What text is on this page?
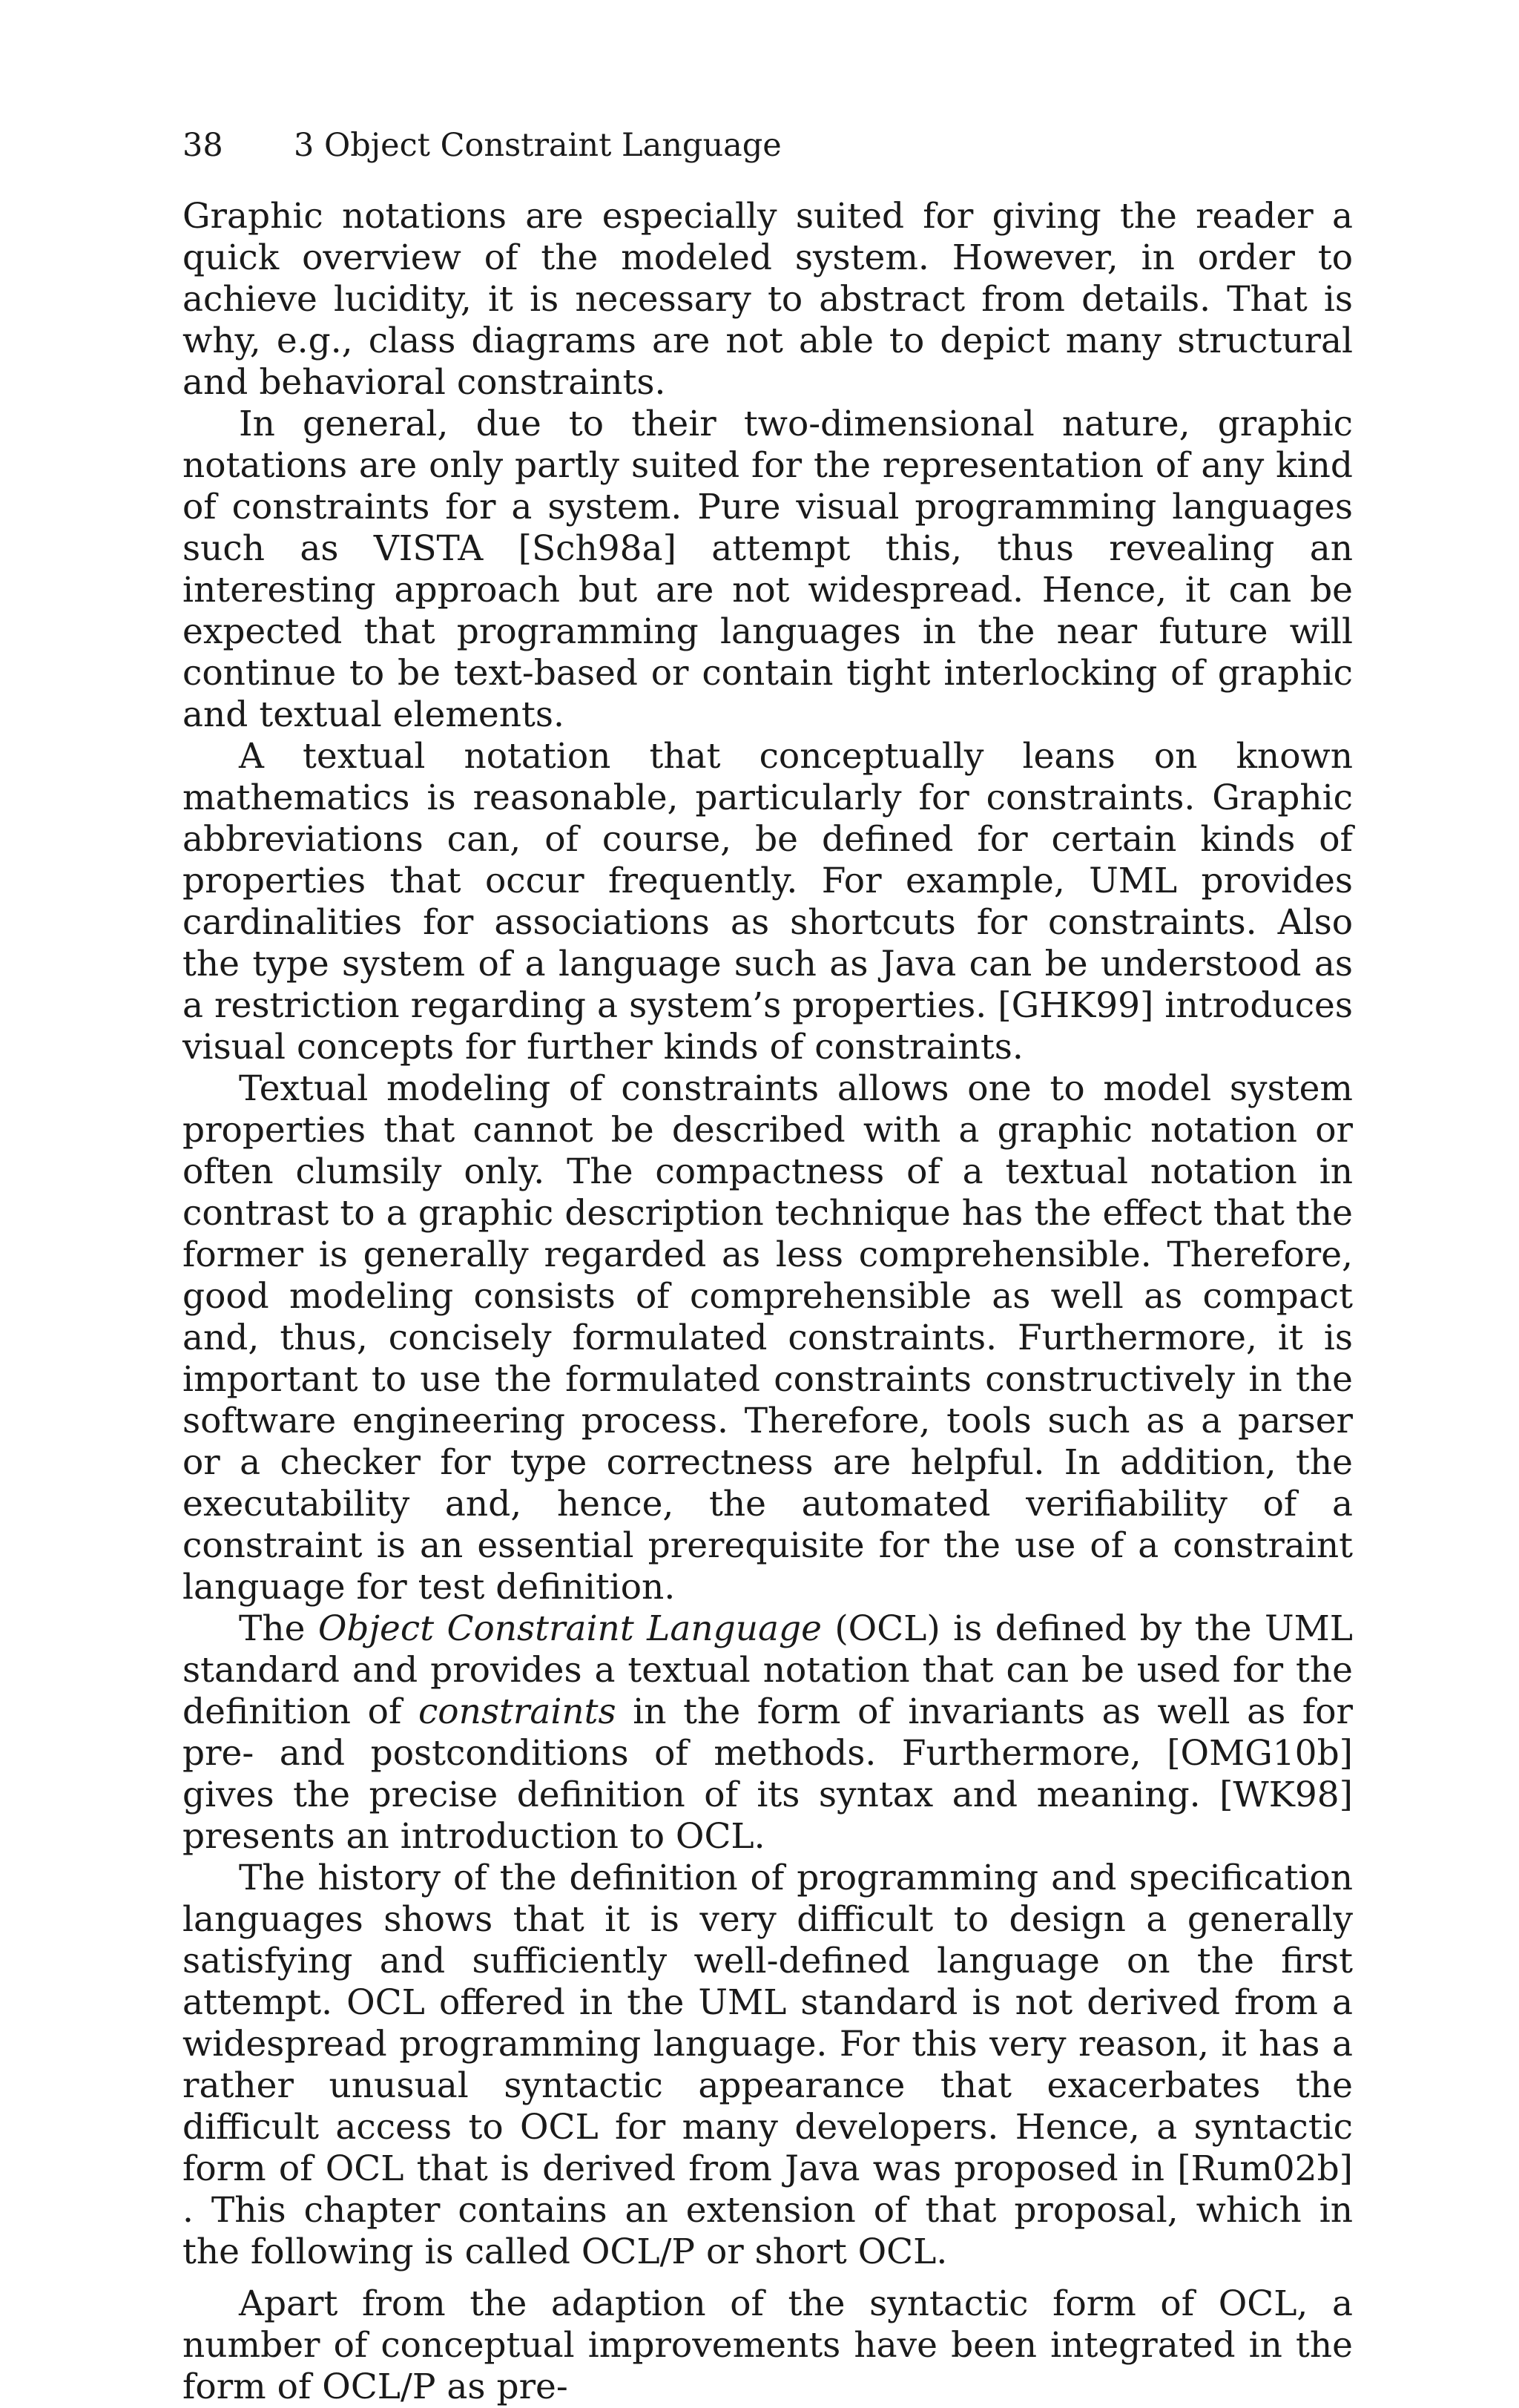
38 3 Object Constraint Language

Graphic notations are especially suited for giving the reader a quick overview of the modeled system. However, in order to achieve lucidity, it is necessary to abstract from details. That is why, e.g., class diagrams are not able to depict many structural and behavioral constraints.

In general, due to their two-dimensional nature, graphic notations are only partly suited for the representation of any kind of constraints for a system. Pure visual programming languages such as VISTA [Sch98a] attempt this, thus revealing an interesting approach but are not widespread. Hence, it can be expected that programming languages in the near future will continue to be text-based or contain tight interlocking of graphic and textual elements.

A textual notation that conceptually leans on known mathematics is reasonable, particularly for constraints. Graphic abbreviations can, of course, be defined for certain kinds of properties that occur frequently. For example, UML provides cardinalities for associations as shortcuts for constraints. Also the type system of a language such as Java can be understood as a restriction regarding a system’s properties. [GHK99] introduces visual concepts for further kinds of constraints.

Textual modeling of constraints allows one to model system properties that cannot be described with a graphic notation or often clumsily only. The compactness of a textual notation in contrast to a graphic description technique has the effect that the former is generally regarded as less comprehensible. Therefore, good modeling consists of comprehensible as well as compact and, thus, concisely formulated constraints. Furthermore, it is important to use the formulated constraints constructively in the software engineering process. Therefore, tools such as a parser or a checker for type correctness are helpful. In addition, the executability and, hence, the automated verifiability of a constraint is an essential prerequisite for the use of a constraint language for test definition.

The Object Constraint Language (OCL) is defined by the UML standard and provides a textual notation that can be used for the definition of constraints in the form of invariants as well as for pre- and postconditions of methods. Furthermore, [OMG10b] gives the precise definition of its syntax and meaning. [WK98] presents an introduction to OCL.

The history of the definition of programming and specification languages shows that it is very difficult to design a generally satisfying and sufficiently well-defined language on the first attempt. OCL offered in the UML standard is not derived from a widespread programming language. For this very reason, it has a rather unusual syntactic appearance that exacerbates the difficult access to OCL for many developers. Hence, a syntactic form of OCL that is derived from Java was proposed in [Rum02b] . This chapter contains an extension of that proposal, which in the following is called OCL/P or short OCL.

Apart from the adaption of the syntactic form of OCL, a number of conceptual improvements have been integrated in the form of OCL/P as pre-
